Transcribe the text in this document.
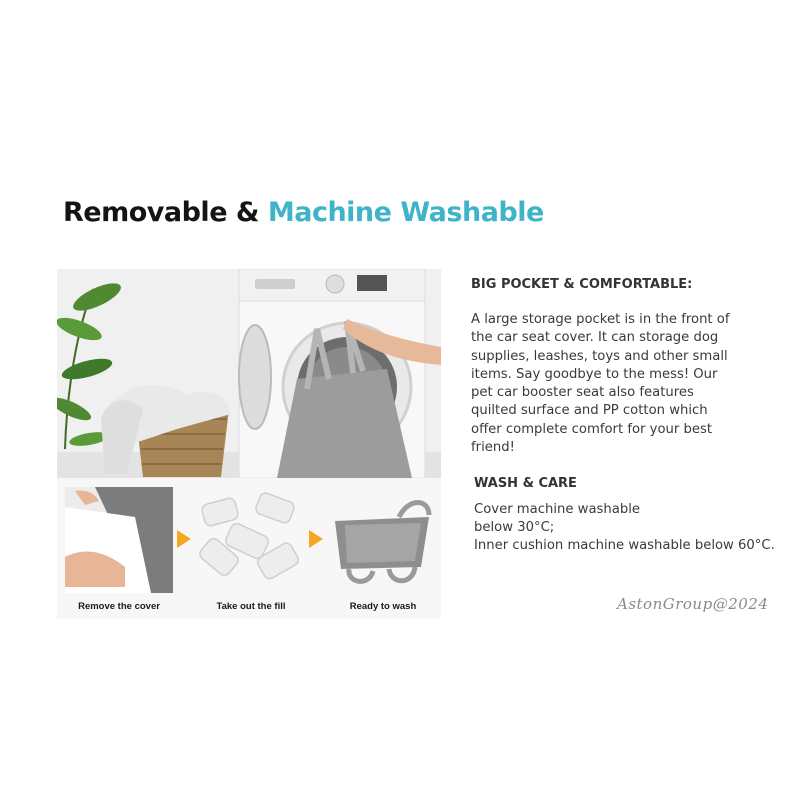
Removable & Machine Washable
Remove the cover	Take out the fill	Ready to wash
BIG POCKET & COMFORTABLE:
A large storage pocket is in the front of
the car seat cover. It can storage dog
supplies, leashes, toys and other small
items. Say goodbye to the mess! Our
pet car booster seat also features
quilted surface and PP cotton which
offer complete comfort for your best
friend!
WASH & CARE
Cover machine washable
below 30°C;
Inner cushion machine washable below 60°C.
AstonGroup@2024
